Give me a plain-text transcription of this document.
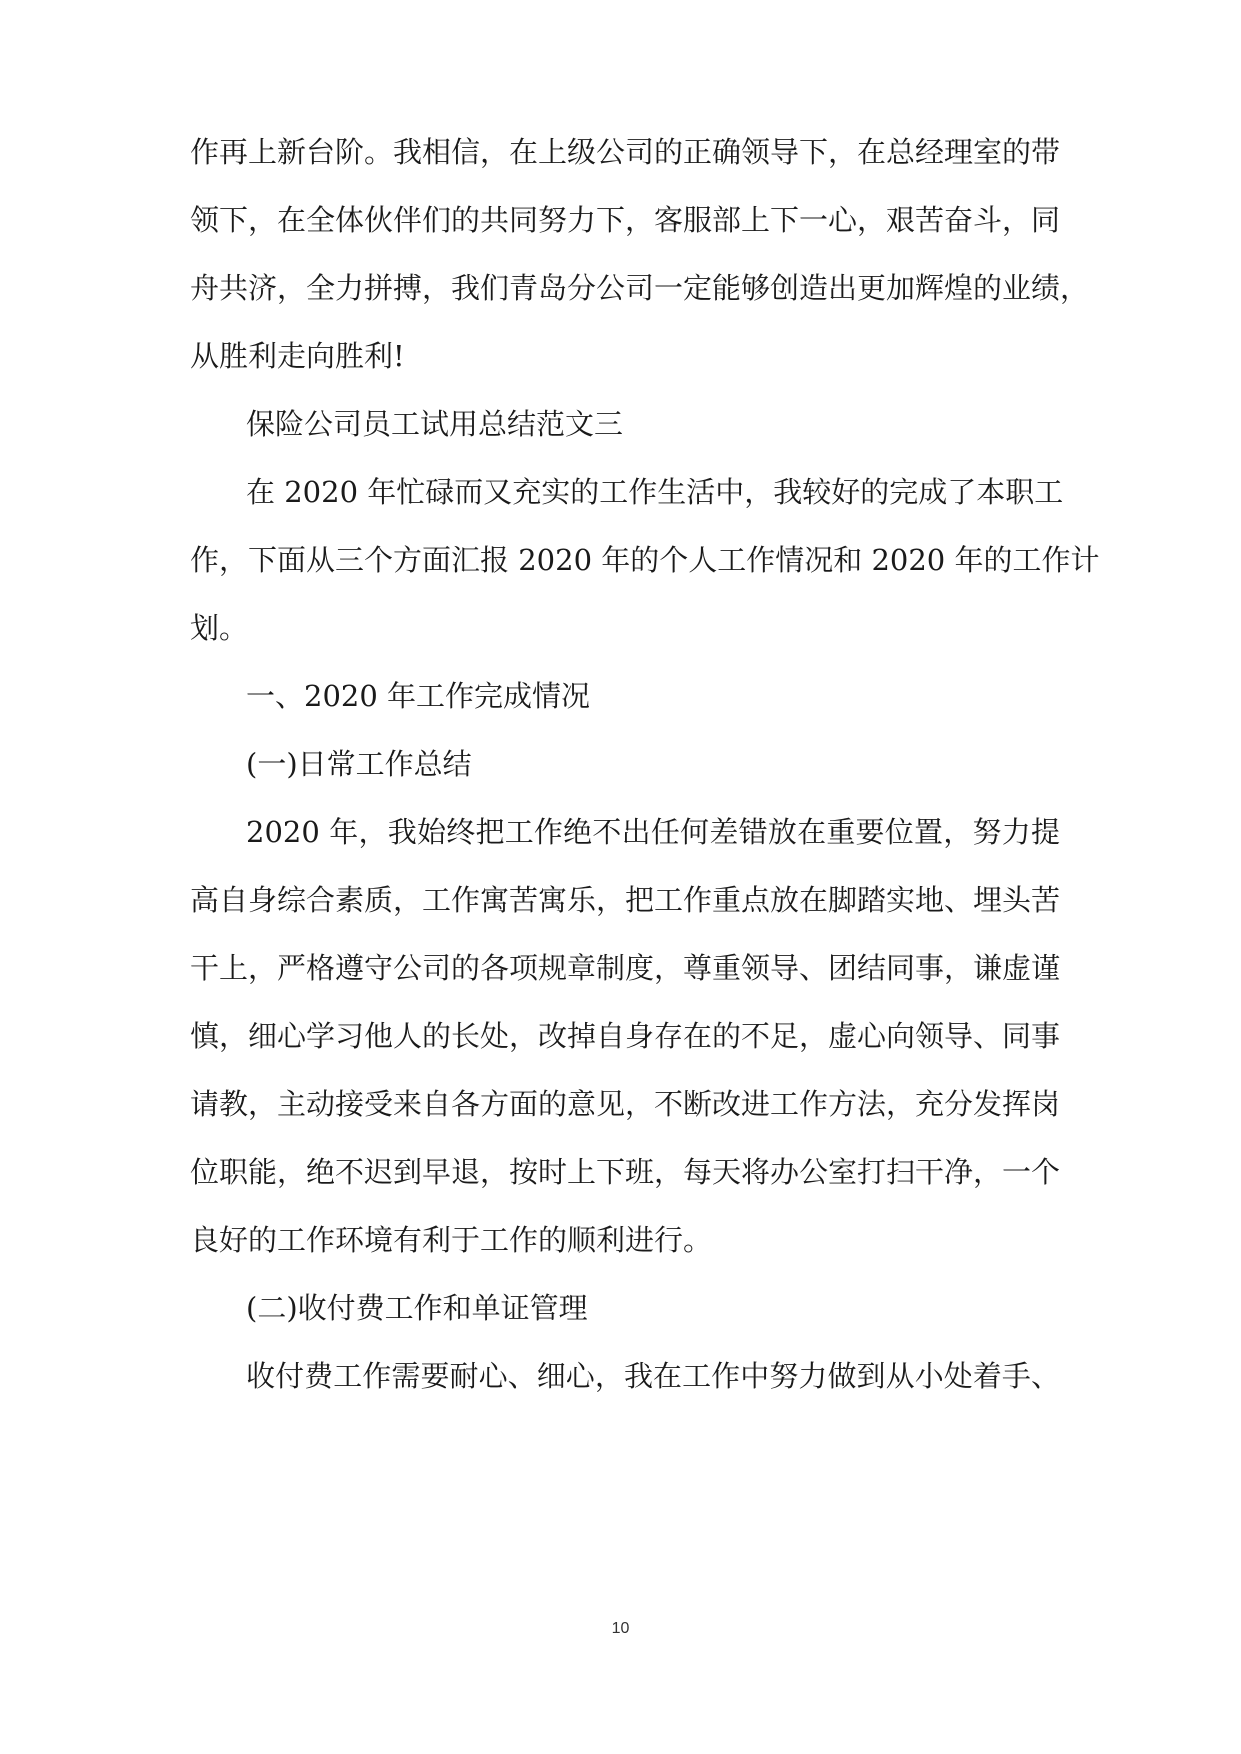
作再上新台阶。我相信，在上级公司的正确领导下，在总经理室的带
领下，在全体伙伴们的共同努力下，客服部上下一心，艰苦奋斗，同
舟共济，全力拼搏，我们青岛分公司一定能够创造出更加辉煌的业绩，
从胜利走向胜利!
保险公司员工试用总结范文三
在 2020 年忙碌而又充实的工作生活中，我较好的完成了本职工
作，下面从三个方面汇报 2020 年的个人工作情况和 2020 年的工作计
划。
一、2020 年工作完成情况
(一)日常工作总结
2020 年，我始终把工作绝不出任何差错放在重要位置，努力提
高自身综合素质，工作寓苦寓乐，把工作重点放在脚踏实地、埋头苦
干上，严格遵守公司的各项规章制度，尊重领导、团结同事，谦虚谨
慎，细心学习他人的长处，改掉自身存在的不足，虚心向领导、同事
请教，主动接受来自各方面的意见，不断改进工作方法，充分发挥岗
位职能，绝不迟到早退，按时上下班，每天将办公室打扫干净，一个
良好的工作环境有利于工作的顺利进行。
(二)收付费工作和单证管理
收付费工作需要耐心、细心，我在工作中努力做到从小处着手、
10
